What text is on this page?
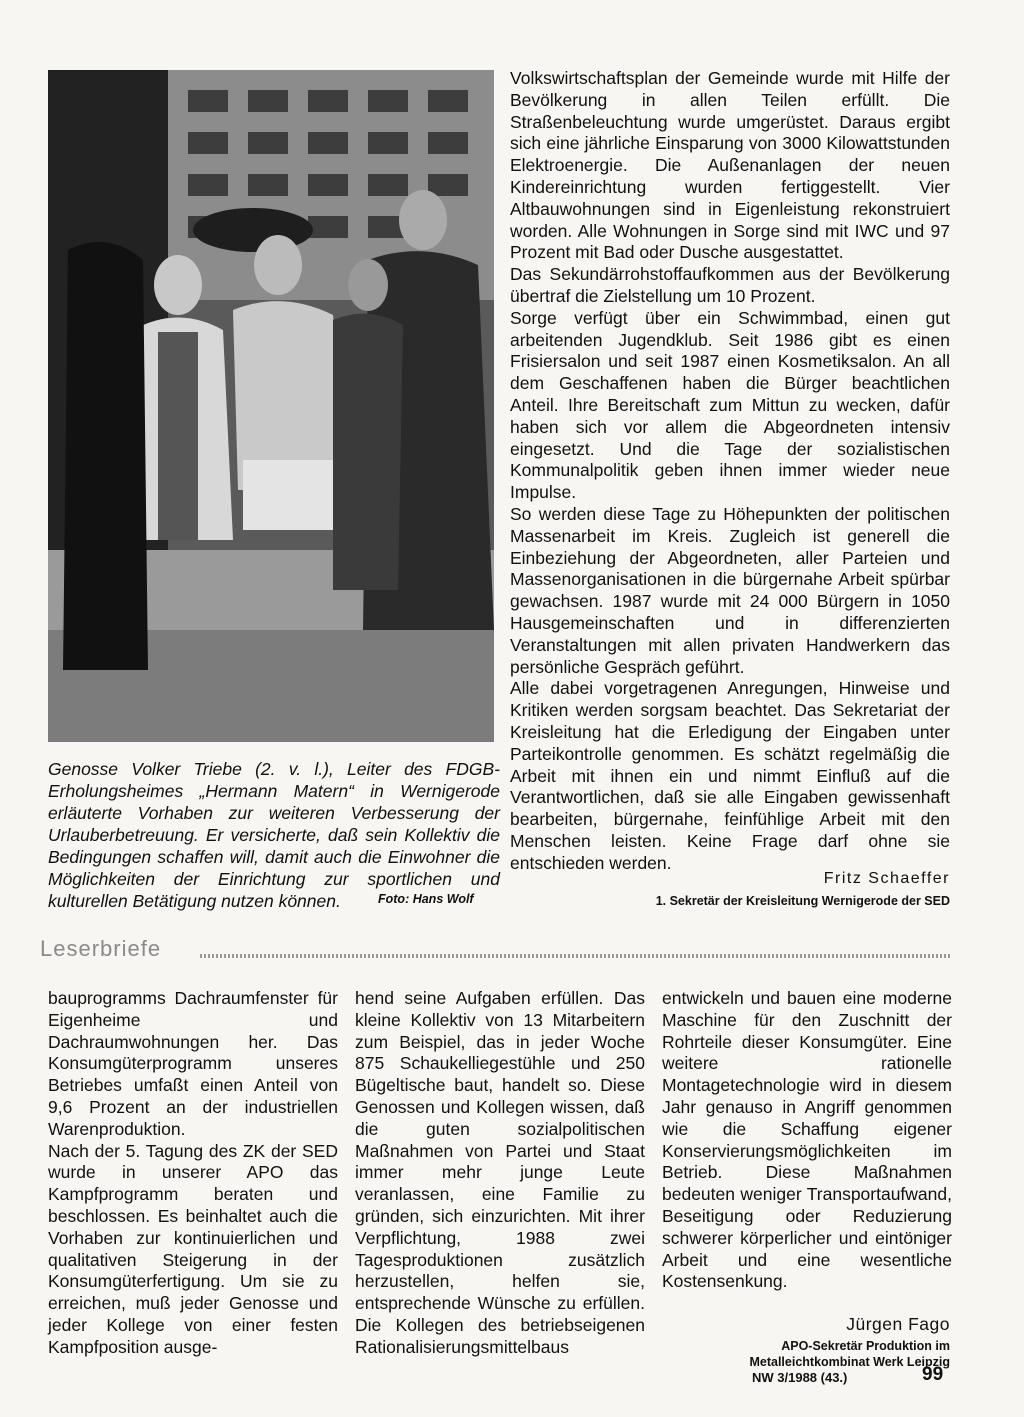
Genosse Volker Triebe (2. v. l.), Leiter des FDGB-Erholungsheimes „Hermann Matern“ in Wernigerode erläuterte Vorhaben zur weiteren Verbesserung der Urlauberbetreuung. Er versicherte, daß sein Kollektiv die Bedingungen schaffen will, damit auch die Einwohner die Möglichkeiten der Einrichtung zur sportlichen und kulturellen Betätigung nutzen können.	Foto: Hans Wolf

Volkswirtschaftsplan der Gemeinde wurde mit Hilfe der Bevölkerung in allen Teilen erfüllt. Die Straßenbeleuchtung wurde umgerüstet. Daraus ergibt sich eine jährliche Einsparung von 3000 Kilowattstunden Elektroenergie. Die Außenanlagen der neuen Kindereinrichtung wurden fertiggestellt. Vier Altbauwohnungen sind in Eigenleistung rekonstruiert worden. Alle Wohnungen in Sorge sind mit IWC und 97 Prozent mit Bad oder Dusche ausgestattet.

Das Sekundärrohstoffaufkommen aus der Bevölkerung übertraf die Zielstellung um 10 Prozent.

Sorge verfügt über ein Schwimmbad, einen gut arbeitenden Jugendklub. Seit 1986 gibt es einen Frisiersalon und seit 1987 einen Kosmetiksalon. An all dem Geschaffenen haben die Bürger beachtlichen Anteil. Ihre Bereitschaft zum Mittun zu wecken, dafür haben sich vor allem die Abgeordneten intensiv eingesetzt. Und die Tage der sozialistischen Kommunalpolitik geben ihnen immer wieder neue Impulse.

So werden diese Tage zu Höhepunkten der politischen Massenarbeit im Kreis. Zugleich ist generell die Einbeziehung der Abgeordneten, aller Parteien und Massenorganisationen in die bürgernahe Arbeit spürbar gewachsen. 1987 wurde mit 24 000 Bürgern in 1050 Hausgemeinschaften und in differenzierten Veranstaltungen mit allen privaten Handwerkern das persönliche Gespräch geführt.

Alle dabei vorgetragenen Anregungen, Hinweise und Kritiken werden sorgsam beachtet. Das Sekretariat der Kreisleitung hat die Erledigung der Eingaben unter Parteikontrolle genommen. Es schätzt regelmäßig die Arbeit mit ihnen ein und nimmt Einfluß auf die Verantwortlichen, daß sie alle Eingaben gewissenhaft bearbeiten, bürgernahe, feinfühlige Arbeit mit den Menschen leisten. Keine Frage darf ohne sie entschieden werden.

Fritz Schaeffer
1. Sekretär der Kreisleitung Wernigerode der SED
Leserbriefe

bauprogramms Dachraumfenster für Eigenheime und Dachraumwohnungen her. Das Konsumgüterprogramm unseres Betriebes umfaßt einen Anteil von 9,6 Prozent an der industriellen Warenproduktion.

Nach der 5. Tagung des ZK der SED wurde in unserer APO das Kampfprogramm beraten und beschlossen. Es beinhaltet auch die Vorhaben zur kontinuierlichen und qualitativen Steigerung in der Konsumgüterfertigung. Um sie zu erreichen, muß jeder Genosse und jeder Kollege von einer festen Kampfposition ausge-

hend seine Aufgaben erfüllen. Das kleine Kollektiv von 13 Mitarbeitern zum Beispiel, das in jeder Woche 875 Schaukelliegestühle und 250 Bügeltische baut, handelt so. Diese Genossen und Kollegen wissen, daß die guten sozialpolitischen Maßnahmen von Partei und Staat immer mehr junge Leute veranlassen, eine Familie zu gründen, sich einzurichten. Mit ihrer Verpflichtung, 1988 zwei Tagesproduktionen zusätzlich herzustellen, helfen sie, entsprechende Wünsche zu erfüllen. Die Kollegen des betriebseigenen Rationalisierungsmittelbaus

entwickeln und bauen eine moderne Maschine für den Zuschnitt der Rohrteile dieser Konsumgüter. Eine weitere rationelle Montagetechnologie wird in diesem Jahr genauso in Angriff genommen wie die Schaffung eigener Konservierungsmöglichkeiten im Betrieb. Diese Maßnahmen bedeuten weniger Transportaufwand, Beseitigung oder Reduzierung schwerer körperlicher und eintöniger Arbeit und eine wesentliche Kostensenkung.

Jürgen Fago
APO-Sekretär Produktion im
Metalleichtkombinat Werk Leipzig
NW 3/1988 (43.)	99
